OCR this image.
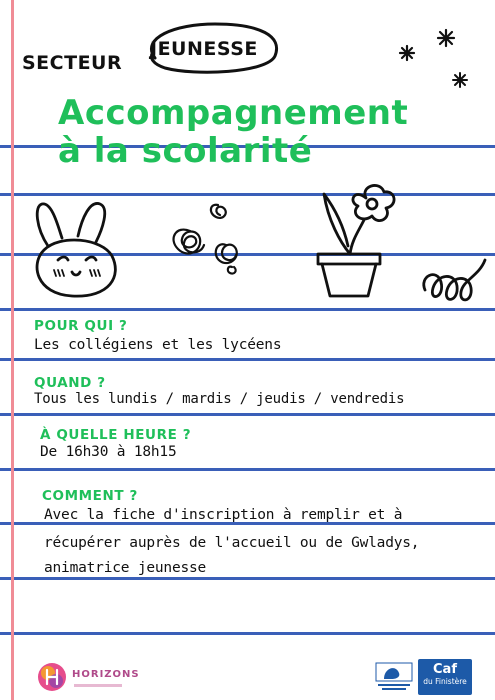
SECTEUR
JEUNESSE
Accompagnement
à la scolarité
POUR QUI ?
Les collégiens et les lycéens
QUAND ?
Tous les lundis / mardis / jeudis / vendredis
À QUELLE HEURE ?
De 16h30 à 18h15
COMMENT ?
Avec la fiche d'inscription à remplir et à
récupérer auprès de l'accueil ou de Gwladys,
animatrice jeunesse
HORIZONS	Caf
du Finistère
